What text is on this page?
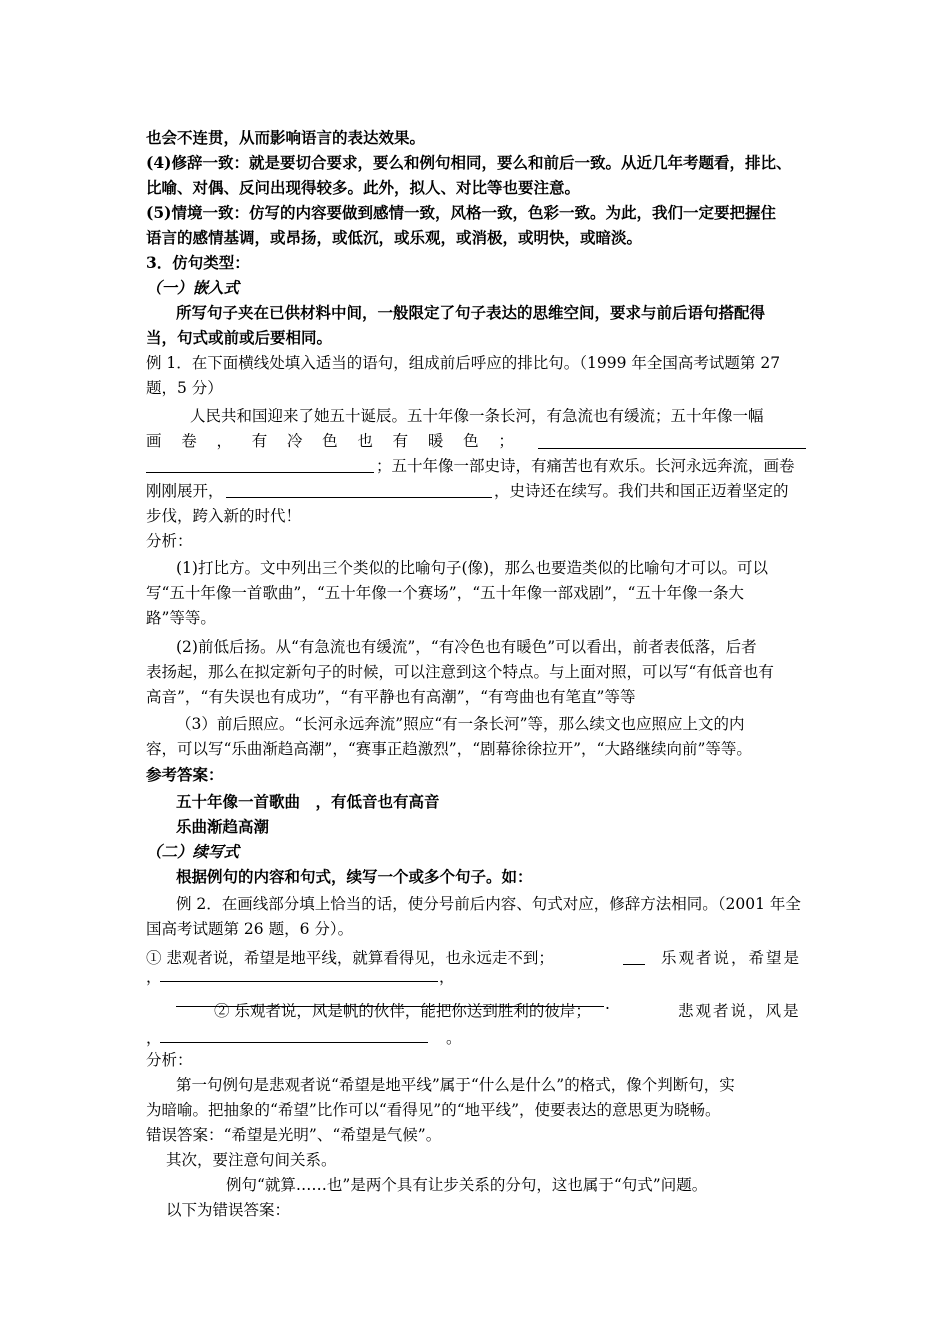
也会不连贯，从而影响语言的表达效果。
(4)修辞一致：就是要切合要求，要么和例句相同，要么和前后一致。从近几年考题看，排比、
比喻、对偶、反问出现得较多。此外，拟人、对比等也要注意。
(5)情境一致：仿写的内容要做到感情一致，风格一致，色彩一致。为此，我们一定要把握住
语言的感情基调，或昂扬，或低沉，或乐观，或消极，或明快，或暗淡。
3．仿句类型：
（一）嵌入式
所写句子夹在已供材料中间，一般限定了句子表达的思维空间，要求与前后语句搭配得
当，句式或前或后要相同。
例 1．在下面横线处填入适当的语句，组成前后呼应的排比句。（1999 年全国高考试题第 27
题，5 分）
人民共和国迎来了她五十诞辰。五十年像一条长河，有急流也有缓流；五十年像一幅
画 卷 ， 有 冷 色 也 有 暖 色 ；
；五十年像一部史诗，有痛苦也有欢乐。长河永远奔流，画卷
刚刚展开，	，史诗还在续写。我们共和国正迈着坚定的
步伐，跨入新的时代！
分析：
(1)打比方。文中列出三个类似的比喻句子(像)，那么也要造类似的比喻句才可以。可以
写“五十年像一首歌曲”，“五十年像一个赛场”，“五十年像一部戏剧”，“五十年像一条大
路”等等。
(2)前低后扬。从“有急流也有缓流”，“有冷色也有暖色”可以看出，前者表低落，后者
表扬起，那么在拟定新句子的时候，可以注意到这个特点。与上面对照，可以写“有低音也有
高音”，“有失误也有成功”，“有平静也有高潮”，“有弯曲也有笔直”等等
（3）前后照应。“长河永远奔流”照应“有一条长河”等，那么续文也应照应上文的内
容，可以写“乐曲渐趋高潮”，“赛事正趋激烈”，“剧幕徐徐拉开”，“大路继续向前”等等。
参考答案：
五十年像一首歌曲　，有低音也有高音
乐曲渐趋高潮
（二）续写式
根据例句的内容和句式，续写一个或多个句子。如：
例 2．在画线部分填上恰当的话，使分号前后内容、句式对应，修辞方法相同。（2001 年全
国高考试题第 26 题，6 分）。
① 悲观者说，希望是地平线，就算看得见，也永远走不到；	乐观者说，希望是
，	，
.
② 乐观者说，风是帆的伙伴，能把你送到胜利的彼岸；	悲观者说，风是
，	。
分析：
第一句例句是悲观者说“希望是地平线”属于“什么是什么”的格式，像个判断句，实
为暗喻。把抽象的“希望”比作可以“看得见”的“地平线”，使要表达的意思更为晓畅。
错误答案：“希望是光明”、“希望是气候”。
其次，要注意句间关系。
例句“就算……也”是两个具有让步关系的分句，这也属于“句式”问题。
以下为错误答案：
